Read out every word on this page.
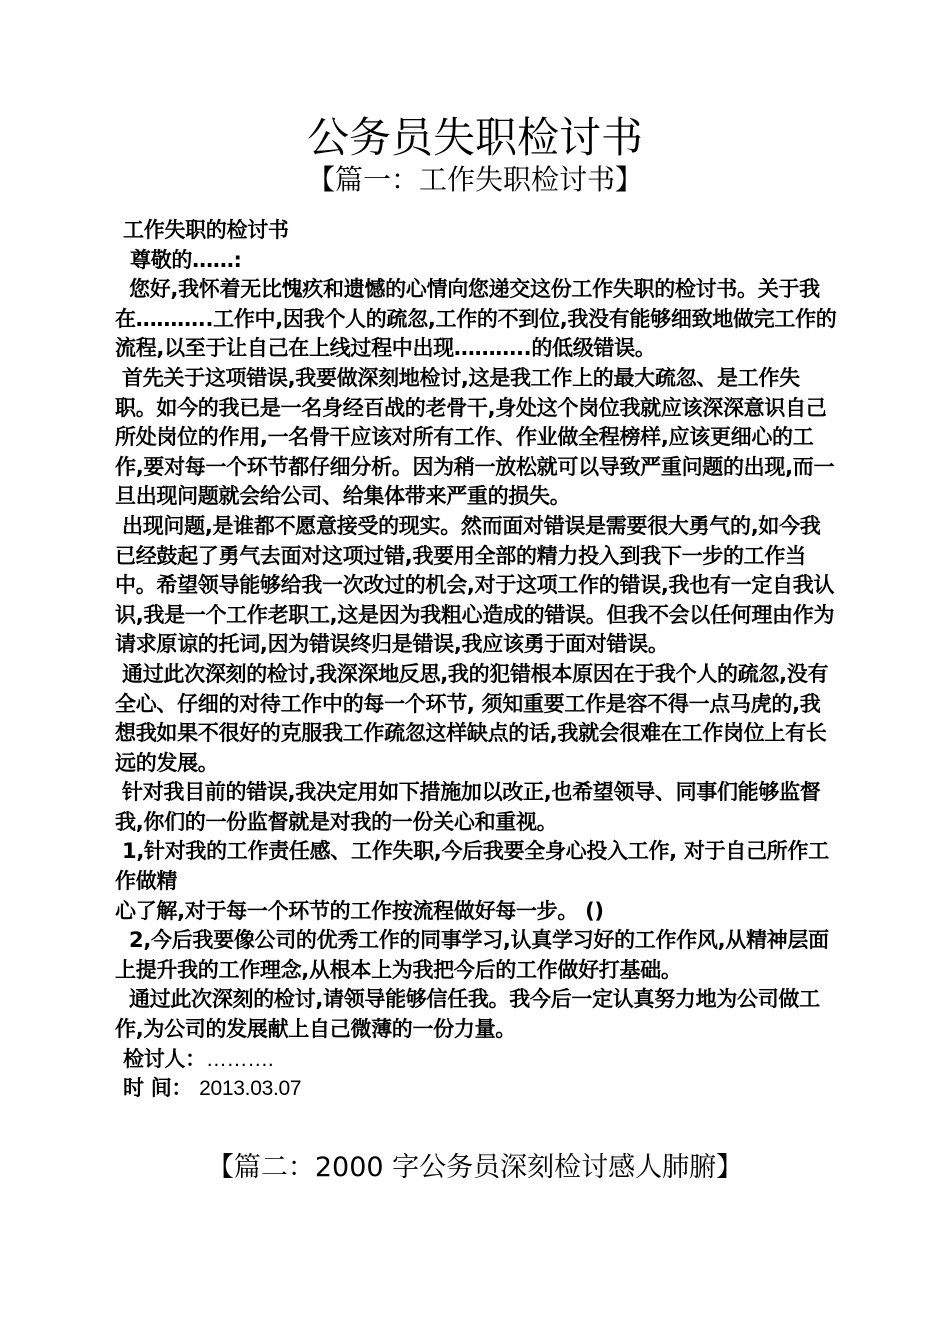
公务员失职检讨书
【篇一：工作失职检讨书】

工作失职的检讨书

尊敬的……:

您好,我怀着无比愧疚和遗憾的心情向您递交这份工作失职的检讨书。关于我在………..工作中,因我个人的疏忽,工作的不到位,我没有能够细致地做完工作的流程,以至于让自己在上线过程中出现………..的低级错误。

首先关于这项错误,我要做深刻地检讨,这是我工作上的最大疏忽、是工作失职。如今的我已是一名身经百战的老骨干,身处这个岗位我就应该深深意识自己所处岗位的作用,一名骨干应该对所有工作、作业做全程榜样,应该更细心的工作,要对每一个环节都仔细分析。因为稍一放松就可以导致严重问题的出现,而一旦出现问题就会给公司、给集体带来严重的损失。

出现问题,是谁都不愿意接受的现实。然而面对错误是需要很大勇气的,如今我已经鼓起了勇气去面对这项过错,我要用全部的精力投入到我下一步的工作当中。希望领导能够给我一次改过的机会,对于这项工作的错误,我也有一定自我认识,我是一个工作老职工,这是因为我粗心造成的错误。但我不会以任何理由作为请求原谅的托词,因为错误终归是错误,我应该勇于面对错误。

通过此次深刻的检讨,我深深地反思,我的犯错根本原因在于我个人的疏忽,没有全心、仔细的对待工作中的每一个环节, 须知重要工作是容不得一点马虎的,我想我如果不很好的克服我工作疏忽这样缺点的话,我就会很难在工作岗位上有长远的发展。

针对我目前的错误,我决定用如下措施加以改正,也希望领导、同事们能够监督我,你们的一份监督就是对我的一份关心和重视。

1,针对我的工作责任感、工作失职,今后我要全身心投入工作, 对于自己所作工作做精

心了解,对于每一个环节的工作按流程做好每一步。 ()

2,今后我要像公司的优秀工作的同事学习,认真学习好的工作作风,从精神层面上提升我的工作理念,从根本上为我把今后的工作做好打基础。

通过此次深刻的检讨,请领导能够信任我。我今后一定认真努力地为公司做工作,为公司的发展献上自己微薄的一份力量。

检讨人：……….

时 间： 2013.03.07

【篇二：2000 字公务员深刻检讨感人肺腑】
